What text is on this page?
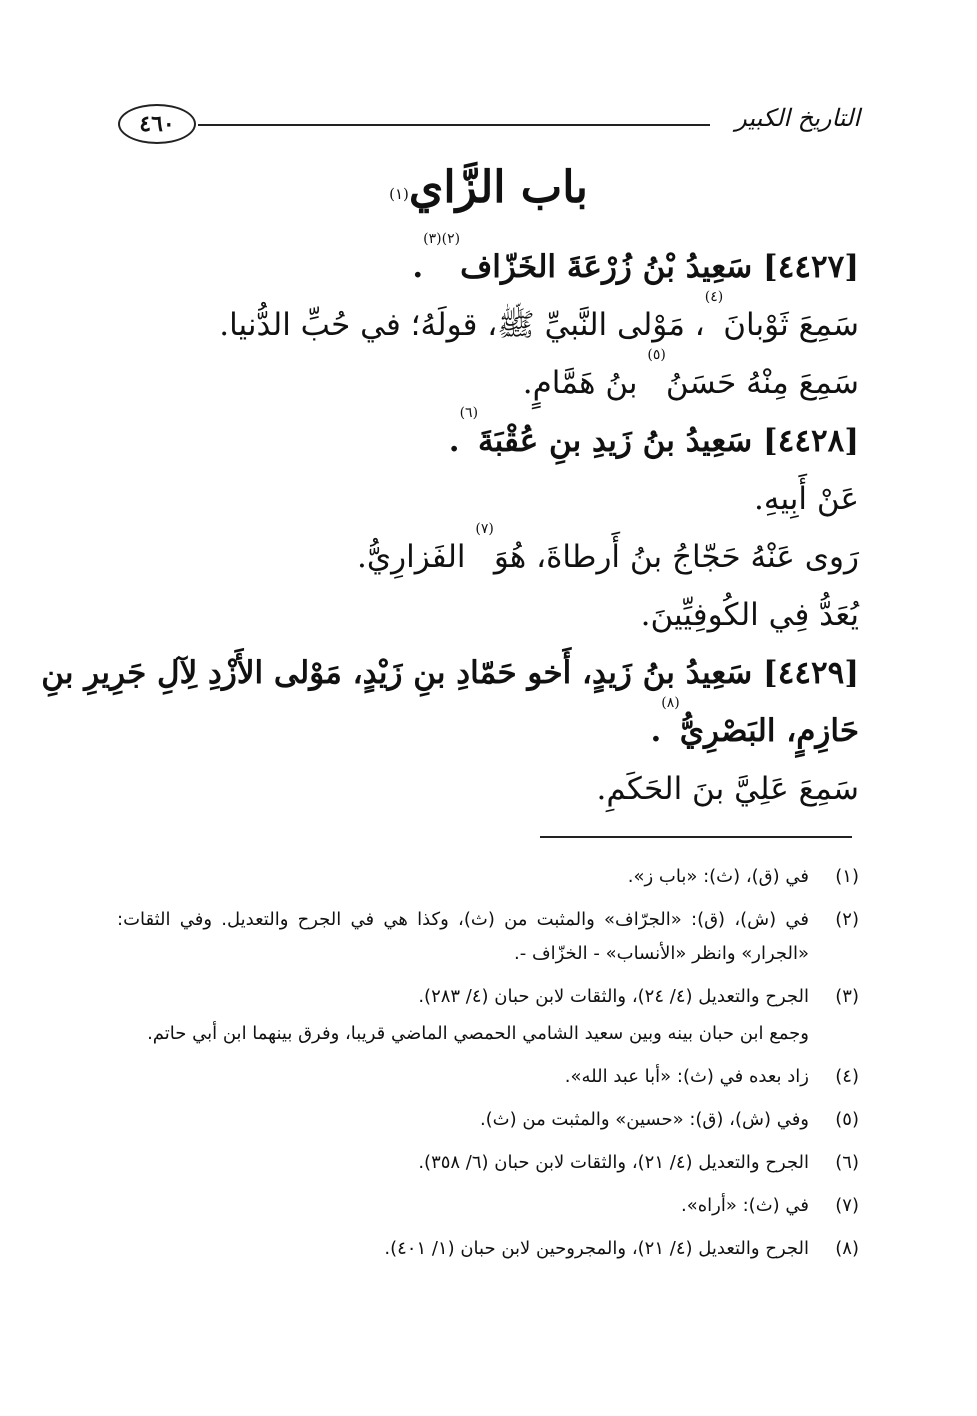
٤٦٠	التاريخ الكبير
باب الزَّاي$^{(١)}$
[٤٤٢٧] سَعِيدُ بْنُ زُرْعَةَ الخَزّاف$^{(٢)(٣)}$.
سَمِعَ ثَوْبانَ$^{(٤)}$، مَوْلى النَّبيِّ ﷺ، قولَهُ؛ في حُبِّ الدُّنيا.
سَمِعَ مِنْهُ حَسَنُ$^{(٥)}$ بنُ هَمَّامٍ.
[٤٤٢٨] سَعِيدُ بنُ زَيدِ بنِ عُقْبَةَ$^{(٦)}$.
عَنْ أَبِيهِ.
رَوى عَنْهُ حَجّاجُ بنُ أَرطاةَ، هُوَ$^{(٧)}$ الفَزارِيُّ.
يُعَدُّ فِي الكُوفِيِّينَ.
[٤٤٢٩] سَعِيدُ بنُ زَيدٍ، أَخو حَمّادِ بنِ زَيْدٍ، مَوْلى الأَزْدِ لِآلِ جَرِيرِ بنِ
حَازِمٍ، البَصْرِيُّ$^{(٨)}$.
سَمِعَ عَلِيَّ بنَ الحَكَمِ.
(١)
في (ق)، (ث): «باب ز».
(٢)
في (ش)، (ق): «الجرّاف» والمثبت من (ث)، وكذا هي في الجرح والتعديل. وفي الثقات: «الجرار» وانظر «الأنساب» - الخزّاف -.
(٣)
الجرح والتعديل (٤/ ٢٤)، والثقات لابن حبان (٤/ ٢٨٣).
وجمع ابن حبان بينه وبين سعيد الشامي الحمصي الماضي قريبا، وفرق بينهما ابن أبي حاتم.
(٤)
زاد بعده في (ث): «أبا عبد الله».
(٥)
وفي (ش)، (ق): «حسين» والمثبت من (ث).
(٦)
الجرح والتعديل (٤/ ٢١)، والثقات لابن حبان (٦/ ٣٥٨).
(٧)
في (ث): «أراه».
(٨)
الجرح والتعديل (٤/ ٢١)، والمجروحين لابن حبان (١/ ٤٠١).
